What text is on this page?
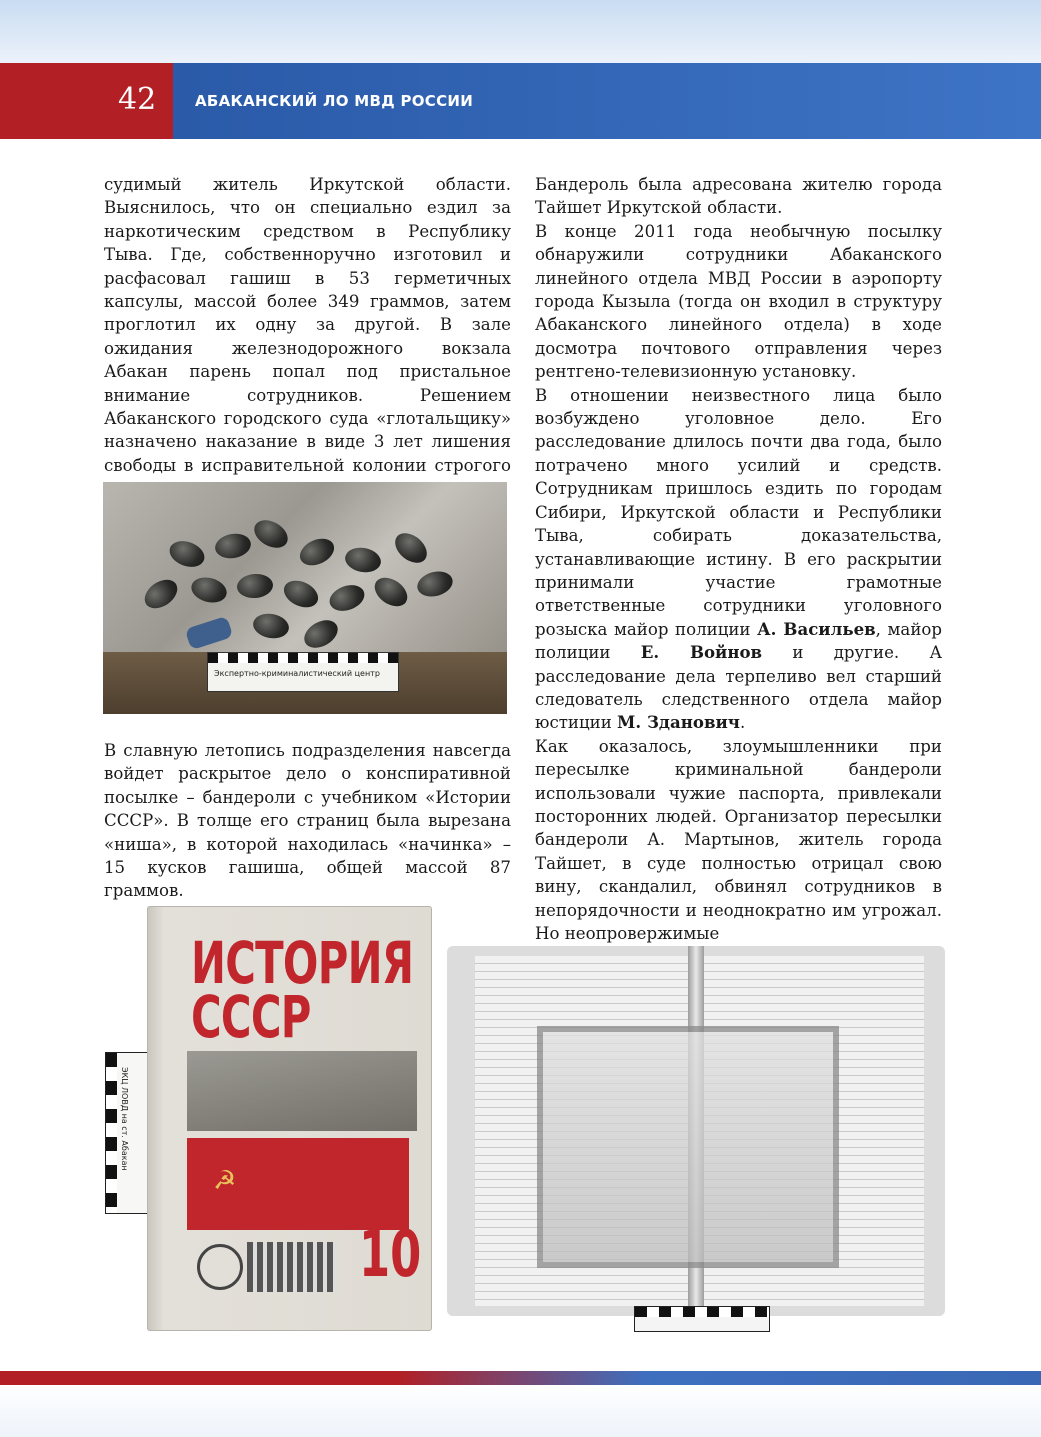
42	АБАКАНСКИЙ ЛО МВД РОССИИ

судимый житель Иркутской области. Выяснилось, что он специально ездил за наркотическим средством в Республику Тыва. Где, собственноручно изготовил и расфасовал гашиш в 53 герметичных капсулы, массой более 349 граммов, затем проглотил их одну за другой. В зале ожидания железнодорожного вокзала Абакан парень попал под пристальное внимание сотрудников. Решением Абаканского городского суда «глотальщику» назначено наказание в виде 3 лет лишения свободы в исправительной колонии строгого

Экспертно-криминалистический центр

В славную летопись подразделения навсегда войдет раскрытое дело о конспиративной посылке – бандероли с учебником «Истории СССР». В толще его страниц была вырезана «ниша», в которой находилась «начинка» – 15 кусков гашиша, общей массой 87 граммов.

Бандероль была адресована жителю города Тайшет Иркутской области.

В конце 2011 года необычную посылку обнаружили сотрудники Абаканского линейного отдела МВД России в аэропорту города Кызыла (тогда он входил в структуру Абаканского линейного отдела) в ходе досмотра почтового отправления через рентгено-телевизионную установку.

В отношении неизвестного лица было возбуждено уголовное дело. Его расследование длилось почти два года, было потрачено много усилий и средств. Сотрудникам пришлось ездить по городам Сибири, Иркутской области и Республики Тыва, собирать доказательства, устанавливающие истину. В его раскрытии принимали участие грамотные ответственные сотрудники уголовного розыска майор полиции А. Васильев, майор полиции Е. Войнов и другие. А расследование дела терпеливо вел старший следователь следственного отдела майор юстиции М. Зданович.

Как оказалось, злоумышленники при пересылке криминальной бандероли использовали чужие паспорта, привлекали посторонних людей. Организатор пересылки бандероли А. Мартынов, житель города Тайшет, в суде полностью отрицал свою вину, скандалил, обвинял сотрудников в непорядочности и неоднократно им угрожал. Но неопровержимые

ЭКЦ ЛОВД на ст. Абакан
ИСТОРИЯ
СССР
☭
10
